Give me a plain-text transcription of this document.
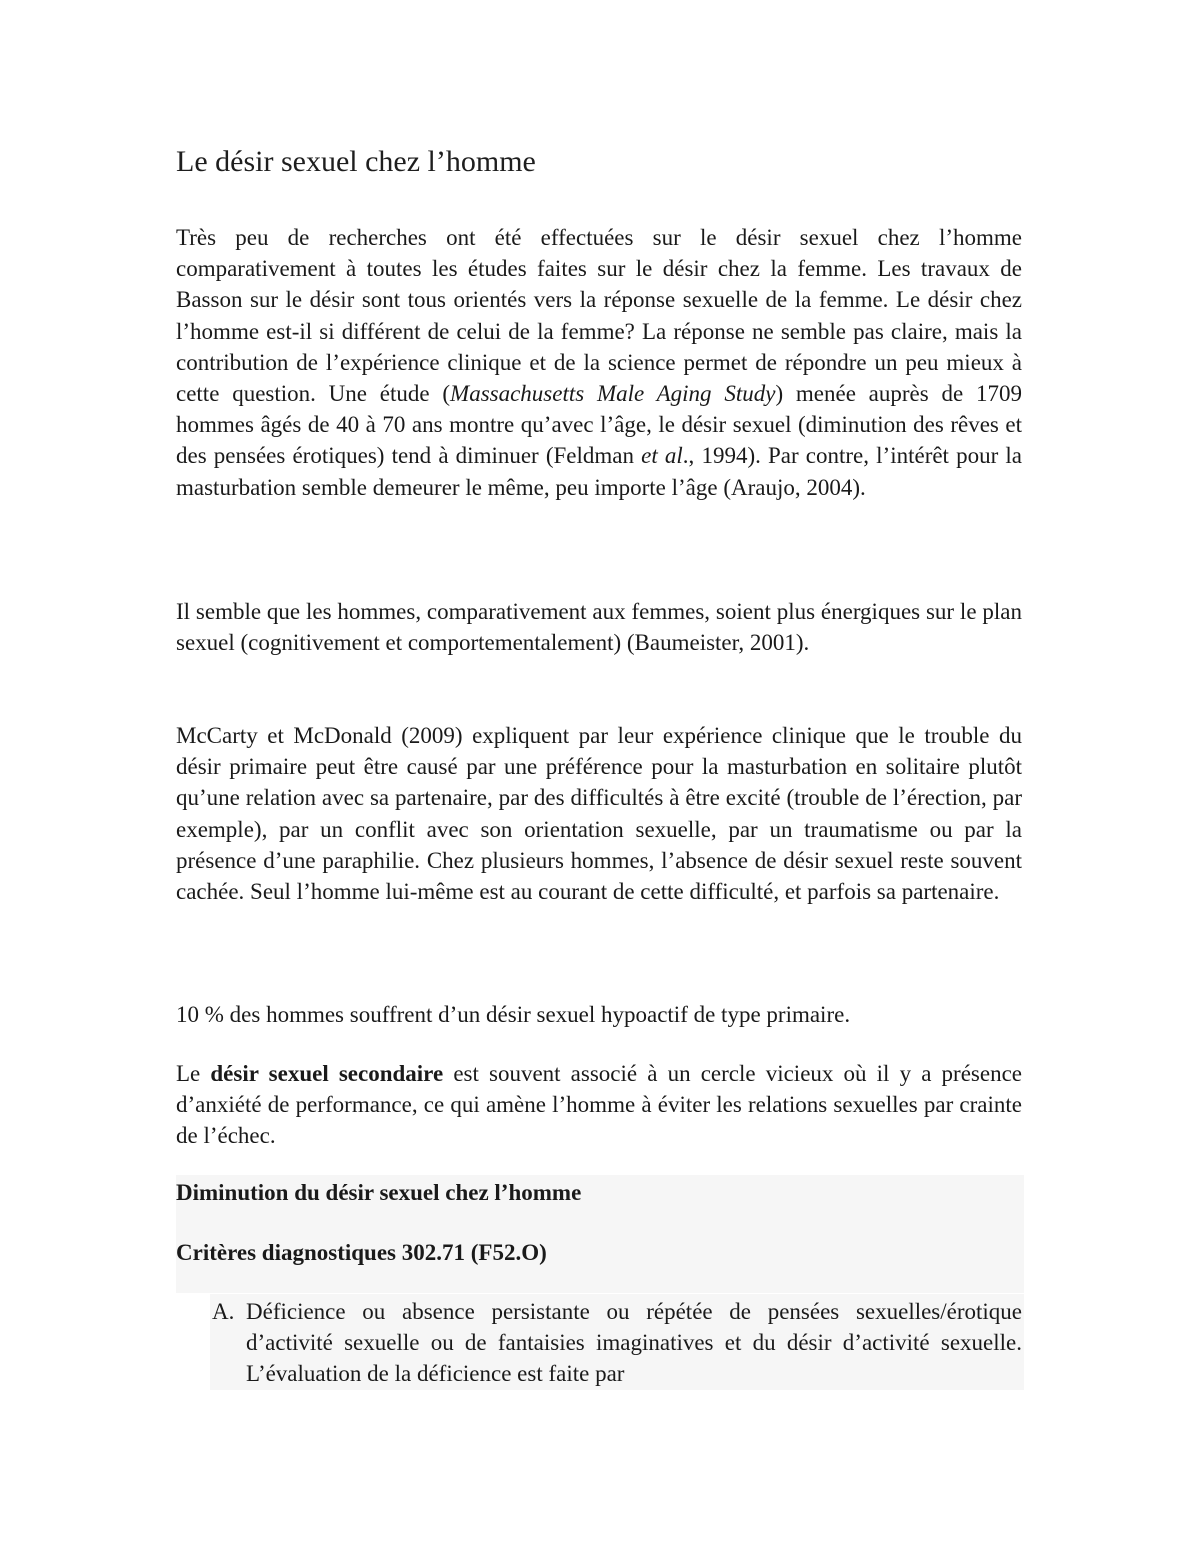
Le désir sexuel chez l’homme

Très peu de recherches ont été effectuées sur le désir sexuel chez l’homme comparativement à toutes les études faites sur le désir chez la femme. Les travaux de Basson sur le désir sont tous orientés vers la réponse sexuelle de la femme. Le désir chez l’homme est-il si différent de celui de la femme? La réponse ne semble pas claire, mais la contribution de l’expérience clinique et de la science permet de répondre un peu mieux à cette question. Une étude (Massachusetts Male Aging Study) menée auprès de 1709 hommes âgés de 40 à 70 ans montre qu’avec l’âge, le désir sexuel (diminution des rêves et des pensées érotiques) tend à diminuer (Feldman et al., 1994). Par contre, l’intérêt pour la masturbation semble demeurer le même, peu importe l’âge (Araujo, 2004).

Il semble que les hommes, comparativement aux femmes, soient plus énergiques sur le plan sexuel (cognitivement et comportementalement) (Baumeister, 2001).

McCarty et McDonald (2009) expliquent par leur expérience clinique que le trouble du désir primaire peut être causé par une préférence pour la masturbation en solitaire plutôt qu’une relation avec sa partenaire, par des difficultés à être excité (trouble de l’érection, par exemple), par un conflit avec son orientation sexuelle, par un traumatisme ou par la présence d’une paraphilie. Chez plusieurs hommes, l’absence de désir sexuel reste souvent cachée. Seul l’homme lui-même est au courant de cette difficulté, et parfois sa partenaire.

10 % des hommes souffrent d’un désir sexuel hypoactif de type primaire.

Le désir sexuel secondaire est souvent associé à un cercle vicieux où il y a présence d’anxiété de performance, ce qui amène l’homme à éviter les relations sexuelles par crainte de l’échec.

Diminution du désir sexuel chez l’homme
Critères diagnostiques 302.71 (F52.O)
A. Déficience ou absence persistante ou répétée de pensées sexuelles/érotique d’activité sexuelle ou de fantaisies imaginatives et du désir d’activité sexuelle. L’évaluation de la déficience est faite par
